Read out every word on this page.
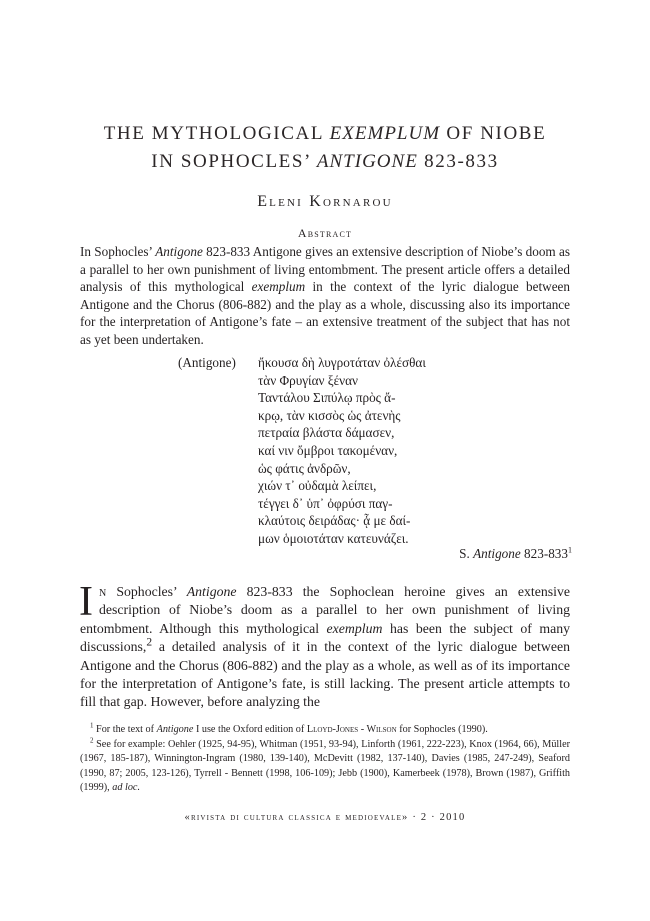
THE MYTHOLOGICAL EXEMPLUM OF NIOBE
IN SOPHOCLES’ ANTIGONE 823-833
Eleni Kornarou
Abstract
In Sophocles’ Antigone 823-833 Antigone gives an extensive description of Niobe’s doom as a parallel to her own punishment of living entombment. The present article offers a detailed analysis of this mythological exemplum in the context of the lyric dialogue between Antigone and the Chorus (806-882) and the play as a whole, discussing also its importance for the interpretation of Antigone’s fate – an extensive treatment of the subject that has not as yet been undertaken.
(Antigone) ἤκουσα δὴ λυγροτάταν ὀλέσθαι
τὰν Φρυγίαν ξέναν
Ταντάλου Σιπύλῳ πρὸς ἄ-
κρῳ, τὰν κισσὸς ὡς ἀτενὴς
πετραία βλάστα δάμασεν,
καί νιν ὄμβροι τακομέναν,
ὡς φάτις ἀνδρῶν,
χιών τ᾽ οὐδαμὰ λείπει,
τέγγει δ᾽ ὑπ᾽ ὀφρύσι παγ-
κλαύτοις δειράδας· ᾇ με δαί-
μων ὁμοιοτάταν κατευνάζει.
S. Antigone $823-833^1$
In Sophocles’ Antigone 823-833 the Sophoclean heroine gives an extensive description of Niobe’s doom as a parallel to her own punishment of living entombment. Although this mythological exemplum has been the subject of many discussions,$^2$ a detailed analysis of it in the context of the lyric dialogue between Antigone and the Chorus (806-882) and the play as a whole, as well as of its importance for the interpretation of Antigone’s fate, is still lacking. The present article attempts to fill that gap. However, before analyzing the

$^1$ For the text of Antigone I use the Oxford edition of Lloyd-Jones - Wilson for Sophocles (1990).

$^2$ See for example: Oehler (1925, 94-95), Whitman (1951, 93-94), Linforth (1961, 222-223), Knox (1964, 66), Müller (1967, 185-187), Winnington-Ingram (1980, 139-140), McDevitt (1982, 137-140), Davies (1985, 247-249), Seaford (1990, 87; 2005, 123-126), Tyrrell - Bennett (1998, 106-109); Jebb (1900), Kamerbeek (1978), Brown (1987), Griffith (1999), ad loc.

«rivista di cultura classica e medioevale» · 2 · 2010
